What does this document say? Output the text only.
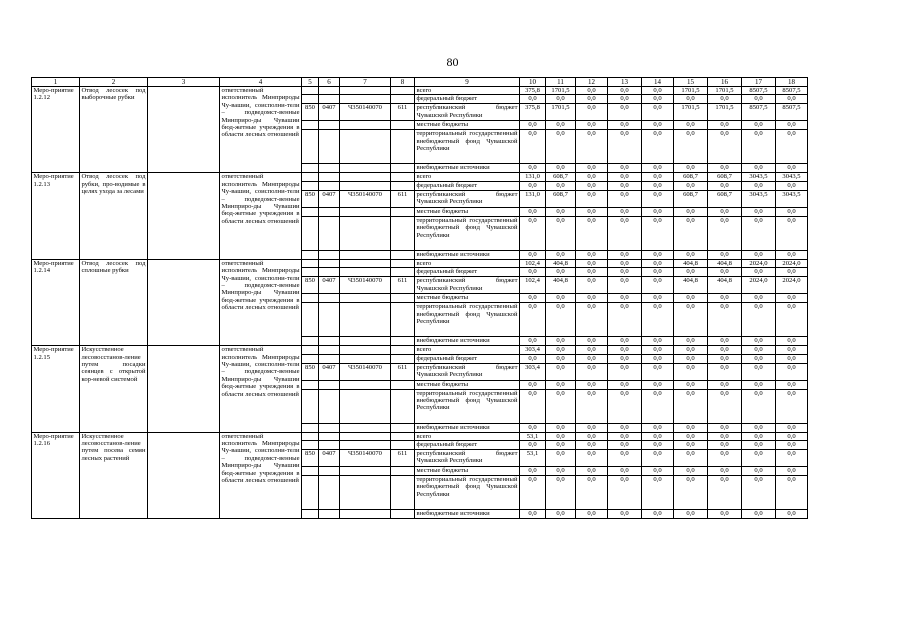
80
1	2	3	4	5	6	7	8	9	10	11	12	13	14	15	16	17	18
Меро-приятие 1.2.12	Отвод лесосек под выборочные рубки		ответственный исполнитель Минприроды Чу-вашии, соисполни-тели – подведомст-венные Минприро-ды Чувашии бюд-жетные учреждения в области лесных отношений					всего	375,8	1701,5	0,0	0,0	0,0	1701,5	1701,5	8507,5	8507,5
								федеральный бюджет	0,0	0,0	0,0	0,0	0,0	0,0	0,0	0,0	0,0
				850	0407	Ч350140070	611	республиканский бюджет Чувашской Республики	375,8	1701,5	0,0	0,0	0,0	1701,5	1701,5	8507,5	8507,5
								местные бюджеты	0,0	0,0	0,0	0,0	0,0	0,0	0,0	0,0	0,0
								территориальный государственный внебюджетный фонд Чувашской Республики	0,0	0,0	0,0	0,0	0,0	0,0	0,0	0,0	0,0
								внебюджетные источники	0,0	0,0	0,0	0,0	0,0	0,0	0,0	0,0	0,0
Меро-приятие 1.2.13	Отвод лесосек под рубки, про-водимые в целях ухода за лесами		ответственный исполнитель Минприроды Чу-вашии, соисполни-тели – подведомст-венные Минприро-ды Чувашии бюд-жетные учреждения в области лесных отношений					всего	131,0	608,7	0,0	0,0	0,0	608,7	608,7	3043,5	3043,5
								федеральный бюджет	0,0	0,0	0,0	0,0	0,0	0,0	0,0	0,0	0,0
				850	0407	Ч350140070	611	республиканский бюджет Чувашской Республики	131,0	608,7	0,0	0,0	0,0	608,7	608,7	3043,5	3043,5
								местные бюджеты	0,0	0,0	0,0	0,0	0,0	0,0	0,0	0,0	0,0
								территориальный государственный внебюджетный фонд Чувашской Республики	0,0	0,0	0,0	0,0	0,0	0,0	0,0	0,0	0,0
								внебюджетные источники	0,0	0,0	0,0	0,0	0,0	0,0	0,0	0,0	0,0
Меро-приятие 1.2.14	Отвод лесосек под сплошные рубки		ответственный исполнитель Минприроды Чу-вашии, соисполни-тели – подведомст-венные Минприро-ды Чувашии бюд-жетные учреждения в области лесных отношений					всего	102,4	404,8	0,0	0,0	0,0	404,8	404,8	2024,0	2024,0
								федеральный бюджет	0,0	0,0	0,0	0,0	0,0	0,0	0,0	0,0	0,0
				850	0407	Ч350140070	611	республиканский бюджет Чувашской Республики	102,4	404,8	0,0	0,0	0,0	404,8	404,8	2024,0	2024,0
								местные бюджеты	0,0	0,0	0,0	0,0	0,0	0,0	0,0	0,0	0,0
								территориальный государственный внебюджетный фонд Чувашской Республики	0,0	0,0	0,0	0,0	0,0	0,0	0,0	0,0	0,0
								внебюджетные источники	0,0	0,0	0,0	0,0	0,0	0,0	0,0	0,0	0,0
Меро-приятие 1.2.15	Искусственное лесовосстанов-ление путем посадки сеянцев с открытой кор-невой системой		ответственный исполнитель Минприроды Чу-вашии, соисполни-тели – подведомст-венные Минприро-ды Чувашии бюд-жетные учреждения в области лесных отношений					всего	303,4	0,0	0,0	0,0	0,0	0,0	0,0	0,0	0,0
								федеральный бюджет	0,0	0,0	0,0	0,0	0,0	0,0	0,0	0,0	0,0
				850	0407	Ч350140070	611	республиканский бюджет Чувашской Республики	303,4	0,0	0,0	0,0	0,0	0,0	0,0	0,0	0,0
								местные бюджеты	0,0	0,0	0,0	0,0	0,0	0,0	0,0	0,0	0,0
								территориальный государственный внебюджетный фонд Чувашской Республики	0,0	0,0	0,0	0,0	0,0	0,0	0,0	0,0	0,0
								внебюджетные источники	0,0	0,0	0,0	0,0	0,0	0,0	0,0	0,0	0,0
Меро-приятие 1.2.16	Искусственное лесовосстанов-ление путем посева семян лесных растений		ответственный исполнитель Минприроды Чу-вашии, соисполни-тели – подведомст-венные Минприро-ды Чувашии бюд-жетные учреждения в области лесных отношений					всего	53,1	0,0	0,0	0,0	0,0	0,0	0,0	0,0	0,0
								федеральный бюджет	0,0	0,0	0,0	0,0	0,0	0,0	0,0	0,0	0,0
				850	0407	Ч350140070	611	республиканский бюджет Чувашской Республики	53,1	0,0	0,0	0,0	0,0	0,0	0,0	0,0	0,0
								местные бюджеты	0,0	0,0	0,0	0,0	0,0	0,0	0,0	0,0	0,0
								территориальный государственный внебюджетный фонд Чувашской Республики	0,0	0,0	0,0	0,0	0,0	0,0	0,0	0,0	0,0
								внебюджетные источники	0,0	0,0	0,0	0,0	0,0	0,0	0,0	0,0	0,0
